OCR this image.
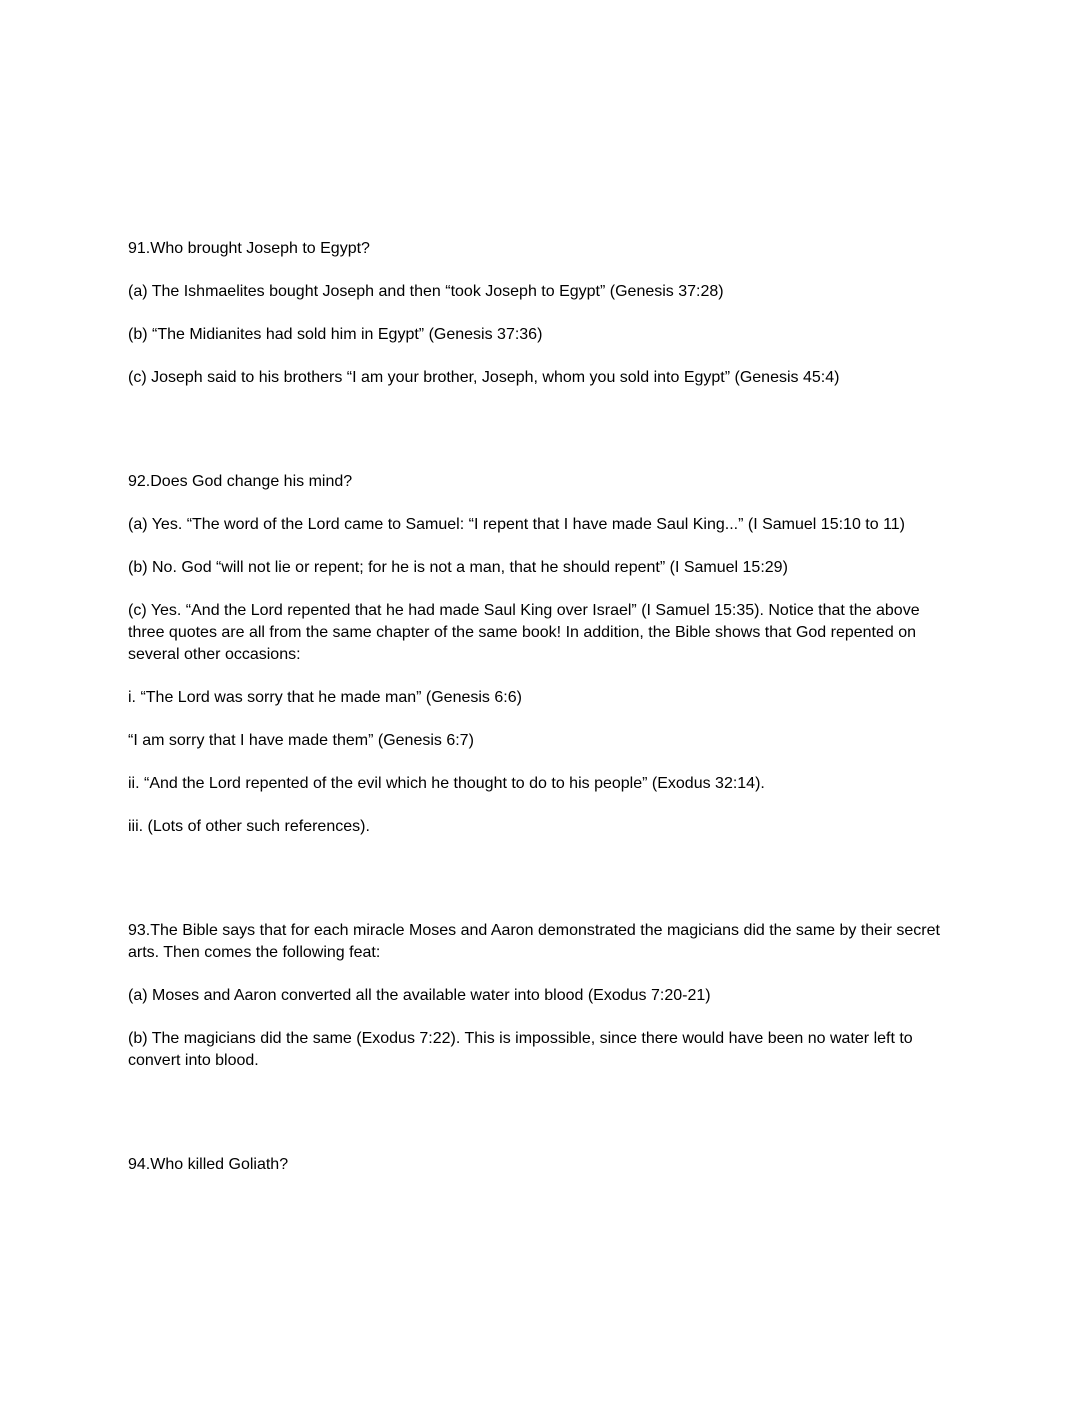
91.Who brought Joseph to Egypt?

(a) The Ishmaelites bought Joseph and then “took Joseph to Egypt” (Genesis 37:28)

(b) “The Midianites had sold him in Egypt” (Genesis 37:36)

(c) Joseph said to his brothers “I am your brother, Joseph, whom you sold into Egypt” (Genesis 45:4)

92.Does God change his mind?

(a) Yes. “The word of the Lord came to Samuel: “I repent that I have made Saul King...” (I Samuel 15:10 to 11)

(b) No. God “will not lie or repent; for he is not a man, that he should repent” (I Samuel 15:29)

(c) Yes. “And the Lord repented that he had made Saul King over Israel” (I Samuel 15:35). Notice that the above three quotes are all from the same chapter of the same book! In addition, the Bible shows that God repented on several other occasions:

i. “The Lord was sorry that he made man” (Genesis 6:6)

“I am sorry that I have made them” (Genesis 6:7)

ii. “And the Lord repented of the evil which he thought to do to his people” (Exodus 32:14).

iii. (Lots of other such references).

93.The Bible says that for each miracle Moses and Aaron demonstrated the magicians did the same by their secret arts. Then comes the following feat:

(a) Moses and Aaron converted all the available water into blood (Exodus 7:20-21)

(b) The magicians did the same (Exodus 7:22). This is impossible, since there would have been no water left to convert into blood.

94.Who killed Goliath?
